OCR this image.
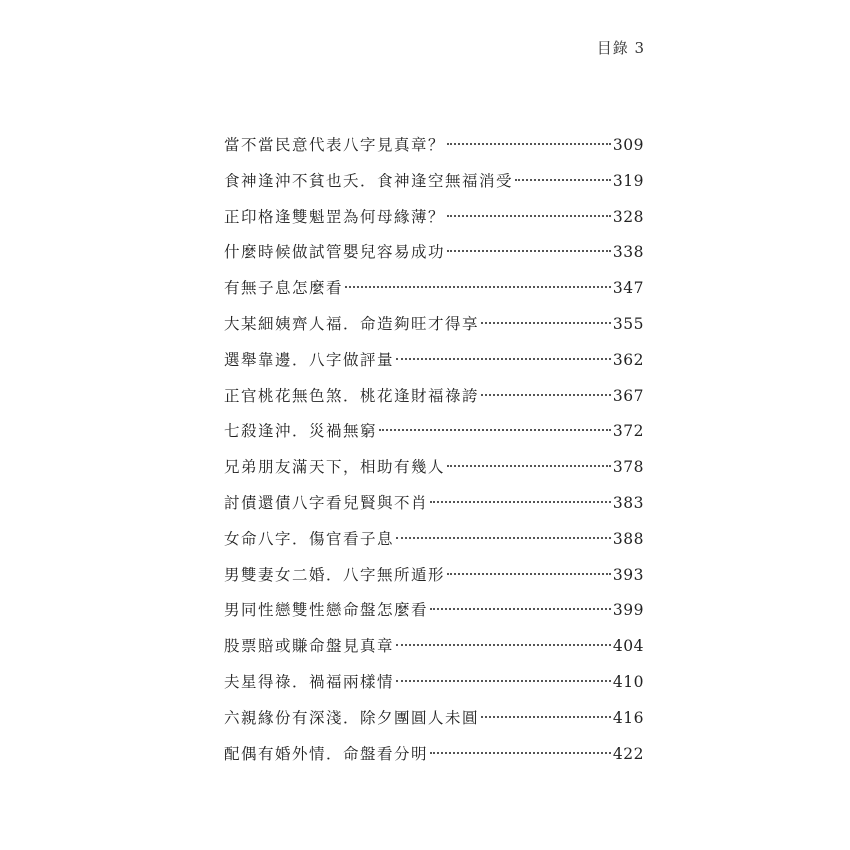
目錄 3
當不當民意代表八字見真章？	309
食神逢沖不貧也夭．食神逢空無福消受	319
正印格逢雙魁罡為何母緣薄？	328
什麼時候做試管嬰兒容易成功	338
有無子息怎麼看	347
大某細姨齊人福．命造夠旺才得享	355
選舉靠邊．八字做評量	362
正官桃花無色煞．桃花逢財福祿誇	367
七殺逢沖．災禍無窮	372
兄弟朋友滿天下，相助有幾人	378
討債還債八字看兒賢與不肖	383
女命八字．傷官看子息	388
男雙妻女二婚．八字無所遁形	393
男同性戀雙性戀命盤怎麼看	399
股票賠或賺命盤見真章	404
夫星得祿．禍福兩樣情	410
六親緣份有深淺．除夕團圓人未圓	416
配偶有婚外情．命盤看分明	422
